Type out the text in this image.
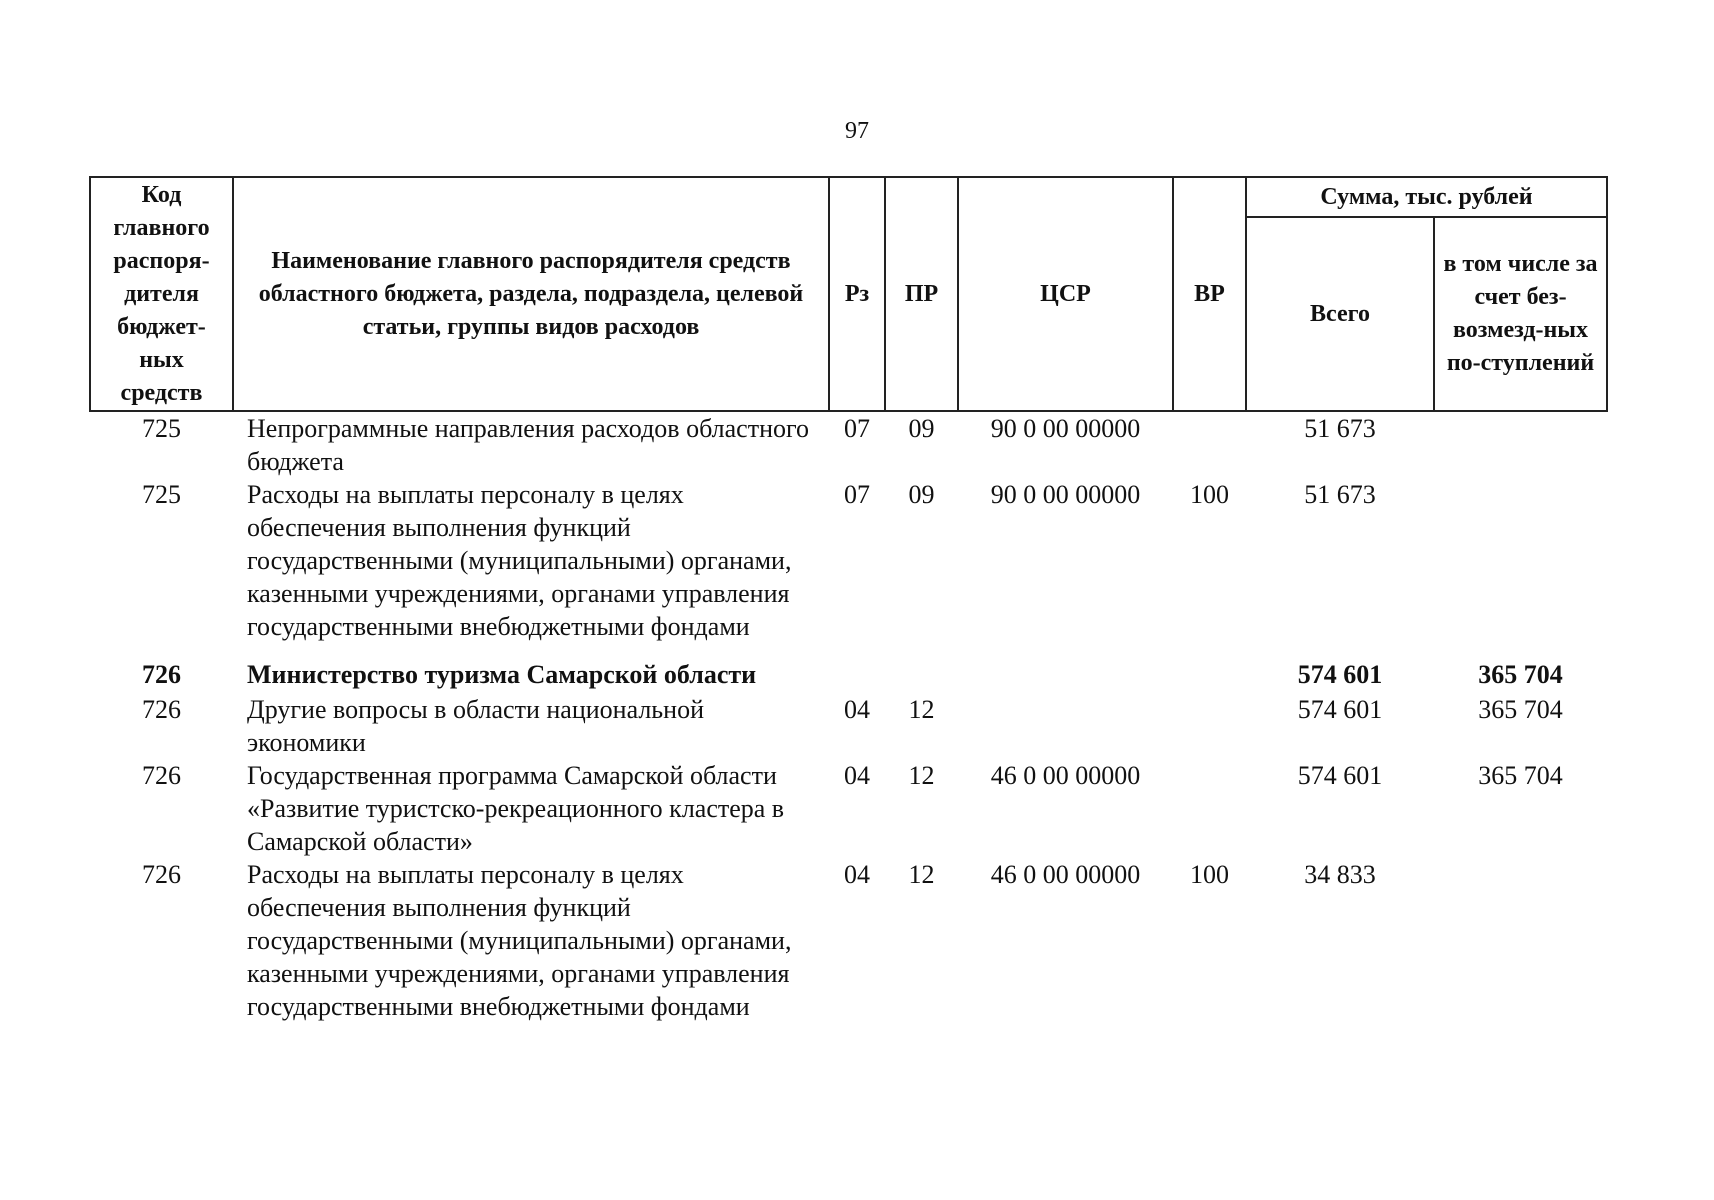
97
Код главного распоря-дителя бюджет-ных средств	Наименование главного распорядителя средств областного бюджета, раздела, подраздела, целевой статьи, группы видов расходов	Рз	ПР	ЦСР	ВР	Сумма, тыс. рублей	
						Всего	в том числе за счет без-возмезд-ных по-ступлений
725	Непрограммные направления расходов областного бюджета	07	09	90 0 00 00000		51 673	
725	Расходы на выплаты персоналу в целях обеспечения выполнения функций государственными (муниципальными) органами, казенными учреждениями, органами управления государственными внебюджетными фондами	07	09	90 0 00 00000	100	51 673	
726	Министерство туризма Самарской области					574 601	365 704
726	Другие вопросы в области национальной экономики	04	12			574 601	365 704
726	Государственная программа Самарской области «Развитие туристско-рекреационного кластера в Самарской области»	04	12	46 0 00 00000		574 601	365 704
726	Расходы на выплаты персоналу в целях обеспечения выполнения функций государственными (муниципальными) органами, казенными учреждениями, органами управления государственными внебюджетными фондами	04	12	46 0 00 00000	100	34 833	
